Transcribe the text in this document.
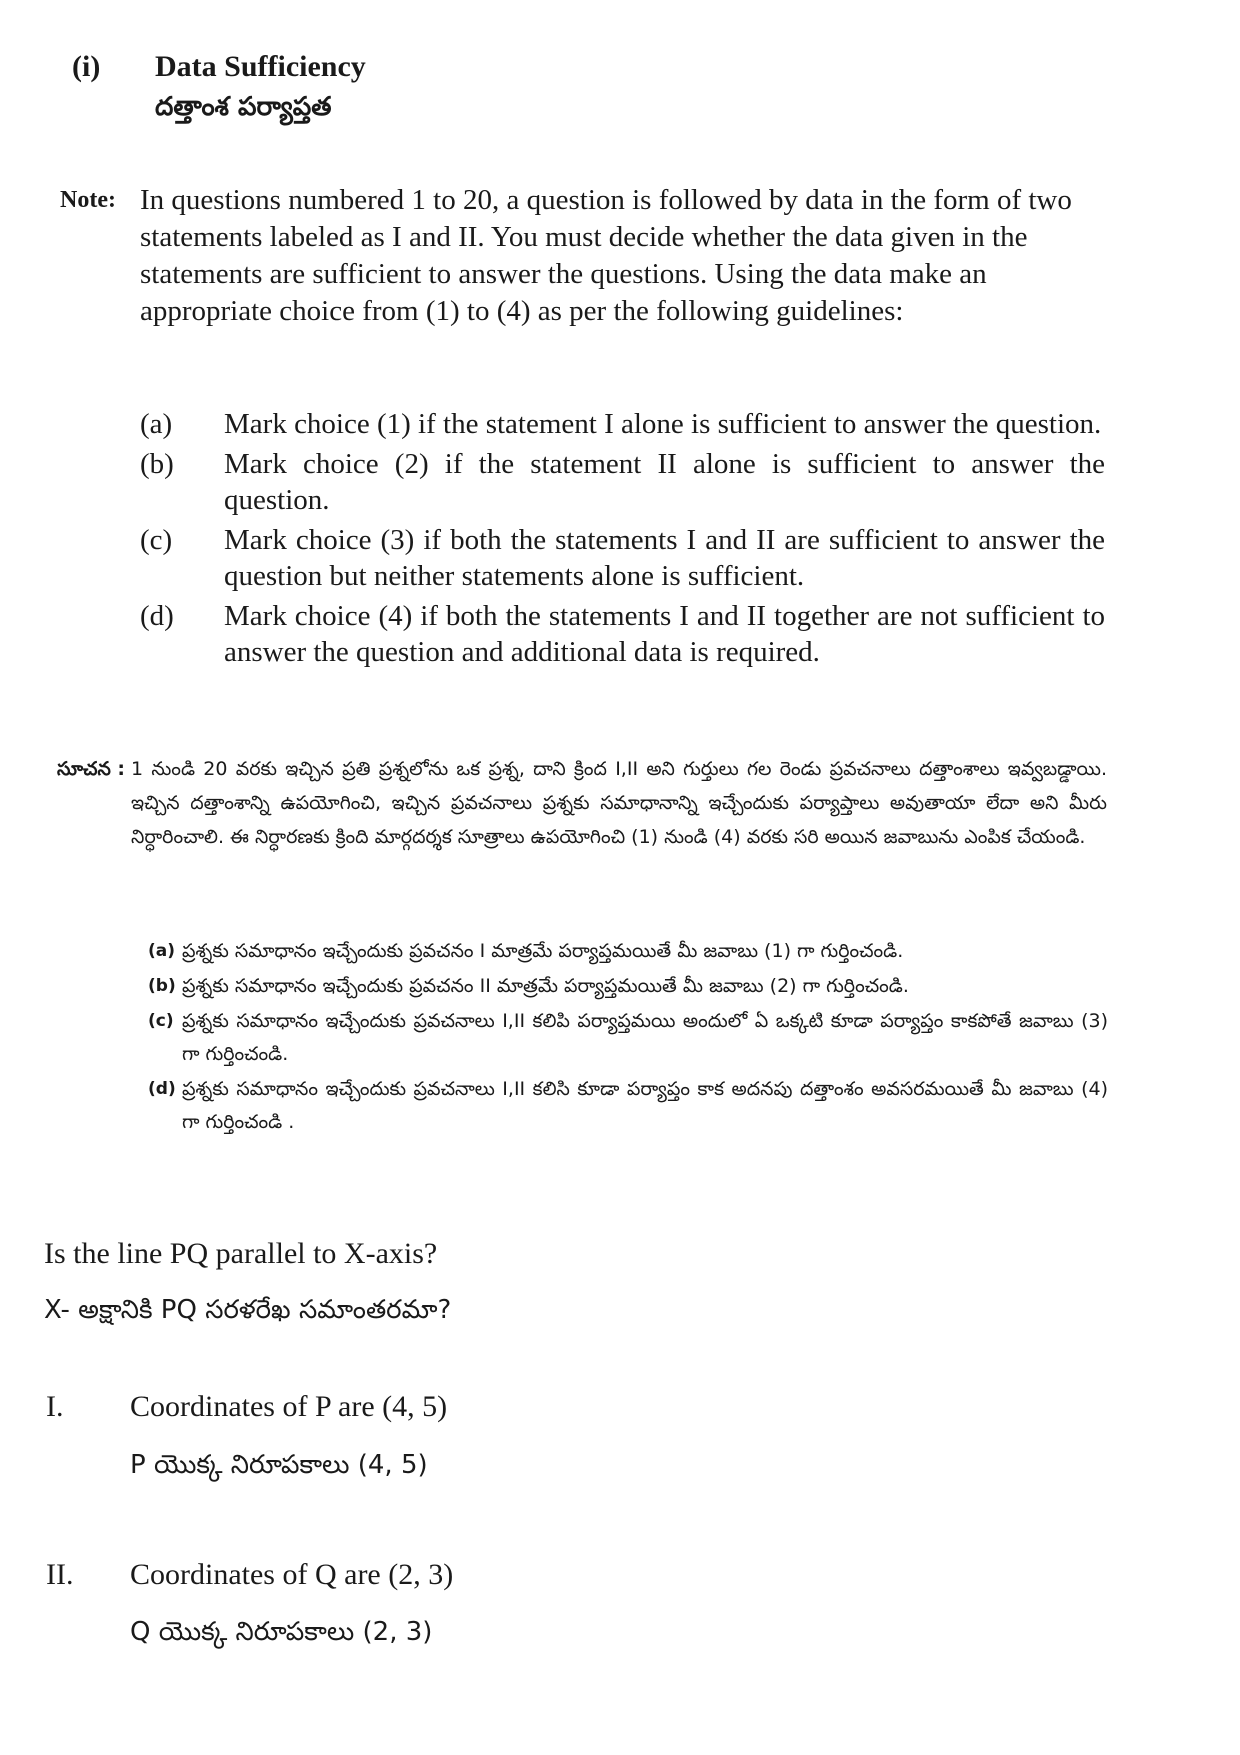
(i) Data Sufficiency
దత్తాంశ పర్యాప్తత
Note: In questions numbered 1 to 20, a question is followed by data in the form of two statements labeled as I and II. You must decide whether the data given in the statements are sufficient to answer the questions. Using the data make an appropriate choice from (1) to (4) as per the following guidelines:
(a)	Mark choice (1) if the statement I alone is sufficient to answer the question.
(b)	Mark choice (2) if the statement II alone is sufficient to answer the question.
(c)	Mark choice (3) if both the statements I and II are sufficient to answer the question but neither statements alone is sufficient.
(d)	Mark choice (4) if both the statements I and II together are not sufficient to answer the question and additional data is required.
సూచన : 1 నుండి 20 వరకు ఇచ్చిన ప్రతి ప్రశ్నలోను ఒక ప్రశ్న, దాని క్రింద I,II అని గుర్తులు గల రెండు ప్రవచనాలు దత్తాంశాలు ఇవ్వబడ్డాయి. ఇచ్చిన దత్తాంశాన్ని ఉపయోగించి, ఇచ్చిన ప్రవచనాలు ప్రశ్నకు సమాధానాన్ని ఇచ్చేందుకు పర్యాప్తాలు అవుతాయా లేదా అని మీరు నిర్ధారించాలి. ఈ నిర్ధారణకు క్రింది మార్గదర్శక సూత్రాలు ఉపయోగించి (1) నుండి (4) వరకు సరి అయిన జవాబును ఎంపిక చేయండి.
(a) ప్రశ్నకు సమాధానం ఇచ్చేందుకు ప్రవచనం I మాత్రమే పర్యాప్తమయితే మీ జవాబు (1) గా గుర్తించండి.
(b) ప్రశ్నకు సమాధానం ఇచ్చేందుకు ప్రవచనం II మాత్రమే పర్యాప్తమయితే మీ జవాబు (2) గా గుర్తించండి.
(c) ప్రశ్నకు సమాధానం ఇచ్చేందుకు ప్రవచనాలు I,II కలిపి పర్యాప్తమయి అందులో ఏ ఒక్కటి కూడా పర్యాప్తం కాకపోతే జవాబు (3) గా గుర్తించండి.
(d) ప్రశ్నకు సమాధానం ఇచ్చేందుకు ప్రవచనాలు I,II కలిసి కూడా పర్యాప్తం కాక అదనపు దత్తాంశం అవసరమయితే మీ జవాబు (4) గా గుర్తించండి .
Is the line PQ parallel to X-axis?
X- అక్షానికి PQ సరళరేఖ సమాంతరమా?
I. Coordinates of P are (4, 5)
P యొక్క నిరూపకాలు (4, 5)
II. Coordinates of Q are (2, 3)
Q యొక్క నిరూపకాలు (2, 3)
